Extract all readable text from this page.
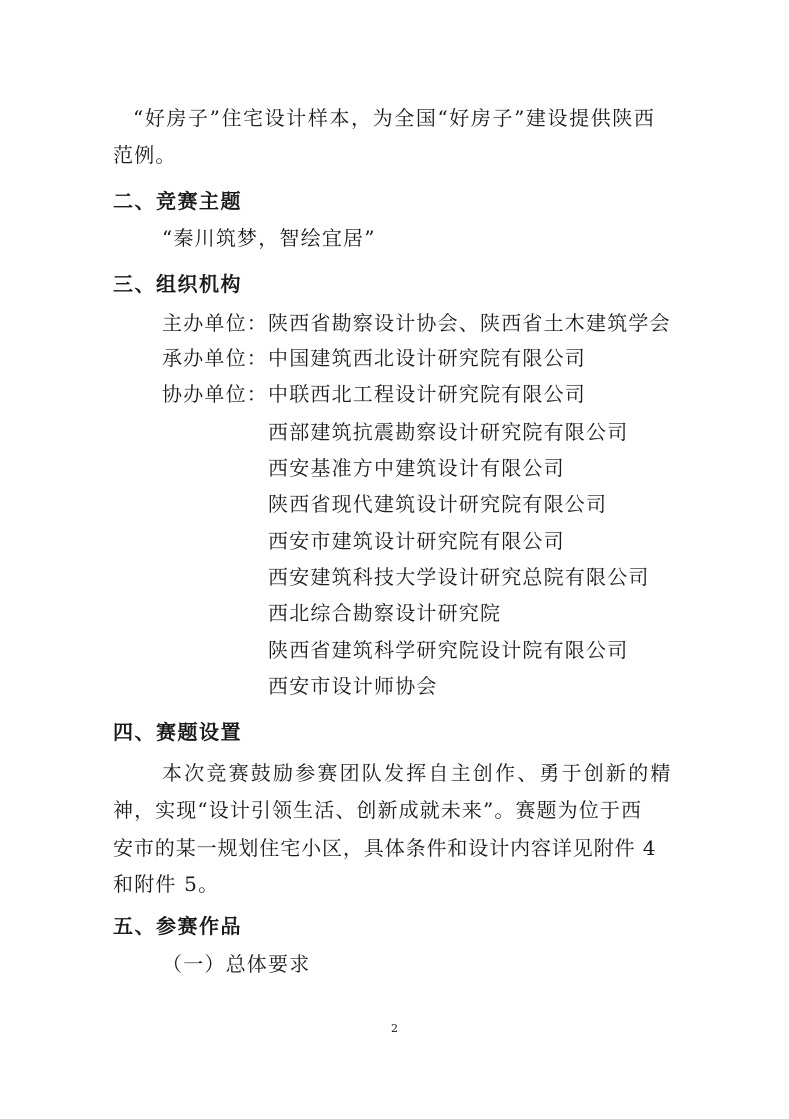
“好房子”住宅设计样本，为全国“好房子”建设提供陕西
范例。
二、竞赛主题
“秦川筑梦，智绘宜居”
三、组织机构
主办单位： 陕西省勘察设计协会、陕西省土木建筑学会
承办单位： 中国建筑西北设计研究院有限公司
协办单位： 中联西北工程设计研究院有限公司
西部建筑抗震勘察设计研究院有限公司
西安基准方中建筑设计有限公司
陕西省现代建筑设计研究院有限公司
西安市建筑设计研究院有限公司
西安建筑科技大学设计研究总院有限公司
西北综合勘察设计研究院
陕西省建筑科学研究院设计院有限公司
西安市设计师协会
四、赛题设置
本次竞赛鼓励参赛团队发挥自主创作、勇于创新的精
神，实现“设计引领生活、创新成就未来”。赛题为位于西
安市的某一规划住宅小区，具体条件和设计内容详见附件 4
和附件 5。
五、参赛作品
（一）总体要求
2
